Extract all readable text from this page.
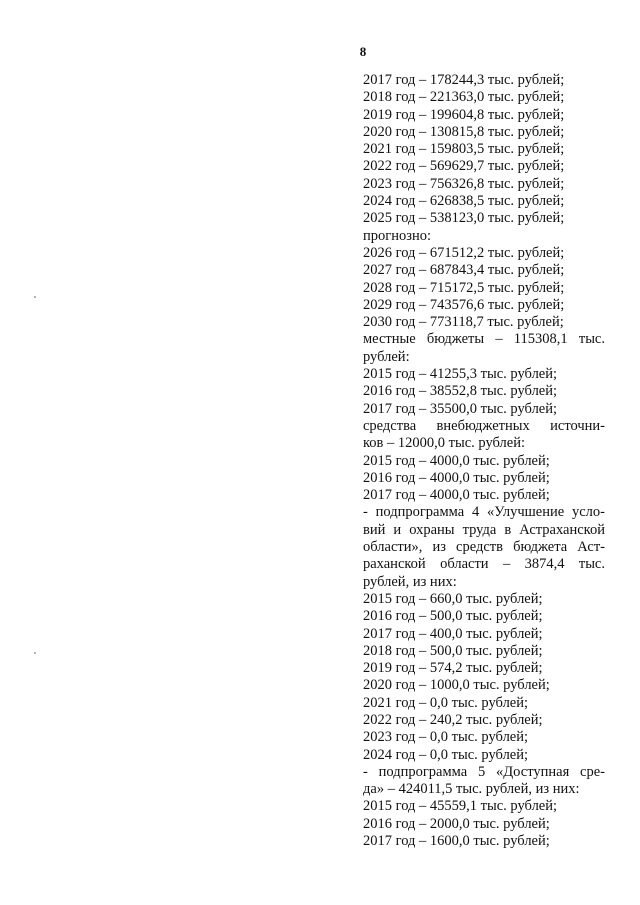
8
2017 год – 178244,3 тыс. рублей;
2018 год – 221363,0 тыс. рублей;
2019 год – 199604,8 тыс. рублей;
2020 год – 130815,8 тыс. рублей;
2021 год – 159803,5 тыс. рублей;
2022 год – 569629,7 тыс. рублей;
2023 год – 756326,8 тыс. рублей;
2024 год – 626838,5 тыс. рублей;
2025 год – 538123,0 тыс. рублей;
прогнозно:
2026 год – 671512,2 тыс. рублей;
2027 год – 687843,4 тыс. рублей;
2028 год – 715172,5 тыс. рублей;
2029 год – 743576,6 тыс. рублей;
2030 год – 773118,7 тыс. рублей;
местные бюджеты – 115308,1 тыс.
рублей:
2015 год – 41255,3 тыс. рублей;
2016 год – 38552,8 тыс. рублей;
2017 год – 35500,0 тыс. рублей;
средства внебюджетных источни-
ков – 12000,0 тыс. рублей:
2015 год – 4000,0 тыс. рублей;
2016 год – 4000,0 тыс. рублей;
2017 год – 4000,0 тыс. рублей;
- подпрограмма 4 «Улучшение усло-
вий и охраны труда в Астраханской
области», из средств бюджета Аст-
раханской области – 3874,4 тыс.
рублей, из них:
2015 год – 660,0 тыс. рублей;
2016 год – 500,0 тыс. рублей;
2017 год – 400,0 тыс. рублей;
2018 год – 500,0 тыс. рублей;
2019 год – 574,2 тыс. рублей;
2020 год – 1000,0 тыс. рублей;
2021 год – 0,0 тыс. рублей;
2022 год – 240,2 тыс. рублей;
2023 год – 0,0 тыс. рублей;
2024 год – 0,0 тыс. рублей;
- подпрограмма 5 «Доступная сре-
да» – 424011,5 тыс. рублей, из них:
2015 год – 45559,1 тыс. рублей;
2016 год – 2000,0 тыс. рублей;
2017 год – 1600,0 тыс. рублей;
